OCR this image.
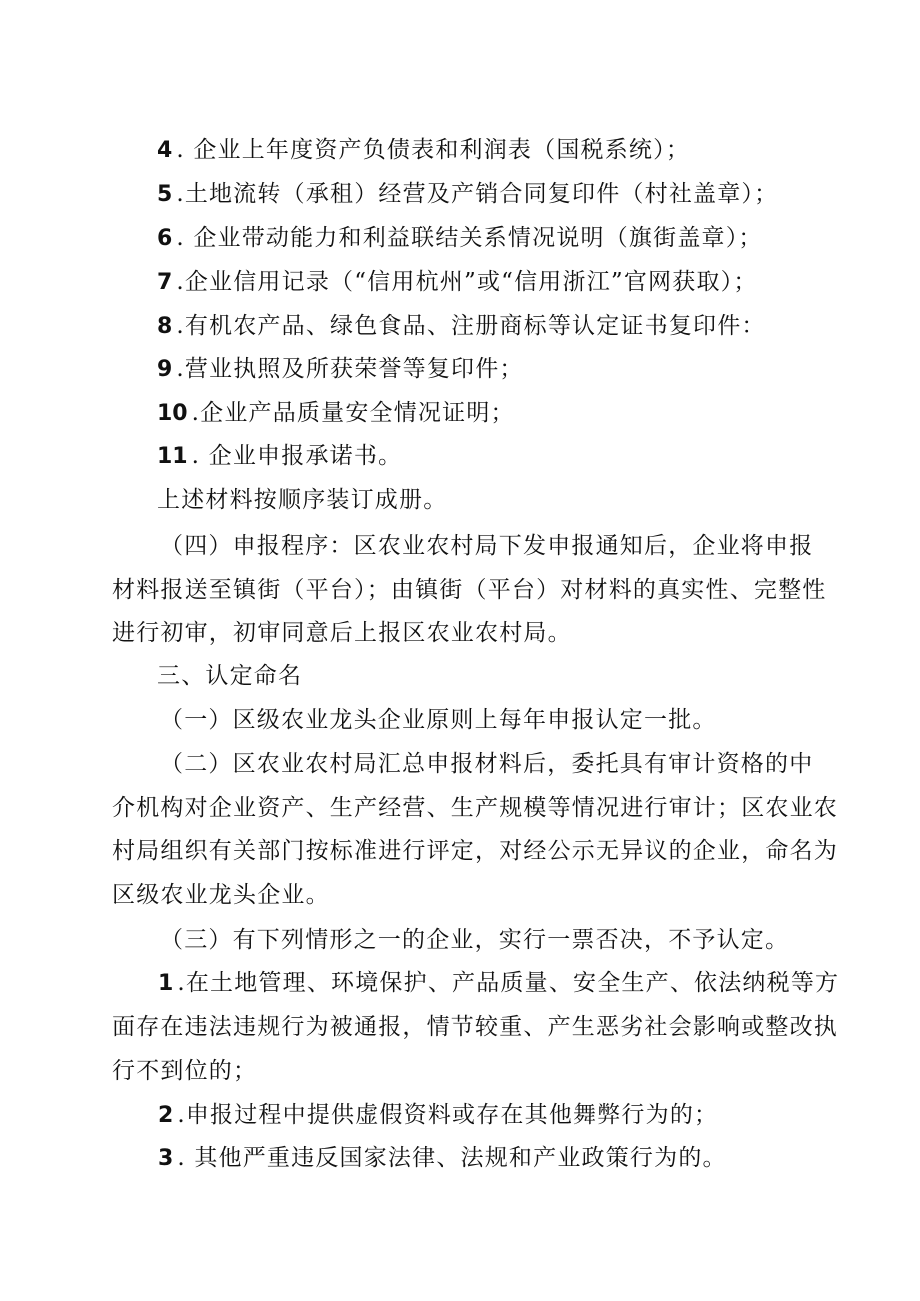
4 . 企业上年度资产负债表和利润表（国税系统）；
5 .土地流转（承租）经营及产销合同复印件（村社盖章）；
6 . 企业带动能力和利益联结关系情况说明（旗街盖章）；
7 .企业信用记录（“信用杭州”或“信用浙江”官网获取）；
8 .有机农产品、绿色食品、注册商标等认定证书复印件：
9 .营业执照及所获荣誉等复印件；
10 .企业产品质量安全情况证明；
11 . 企业申报承诺书。
上述材料按顺序装订成册。
（四）申报程序：区农业农村局下发申报通知后，企业将申报
材料报送至镇街（平台）；由镇街（平台）对材料的真实性、完整性
进行初审，初审同意后上报区农业农村局。
三、认定命名
（一）区级农业龙头企业原则上每年申报认定一批。
（二）区农业农村局汇总申报材料后，委托具有审计资格的中
介机构对企业资产、生产经营、生产规模等情况进行审计；区农业农
村局组织有关部门按标准进行评定，对经公示无异议的企业，命名为
区级农业龙头企业。
（三）有下列情形之一的企业，实行一票否决，不予认定。
1 .在土地管理、环境保护、产品质量、安全生产、依法纳税等方
面存在违法违规行为被通报，情节较重、产生恶劣社会影响或整改执
行不到位的；
2 .申报过程中提供虚假资料或存在其他舞弊行为的；
3 . 其他严重违反国家法律、法规和产业政策行为的。
